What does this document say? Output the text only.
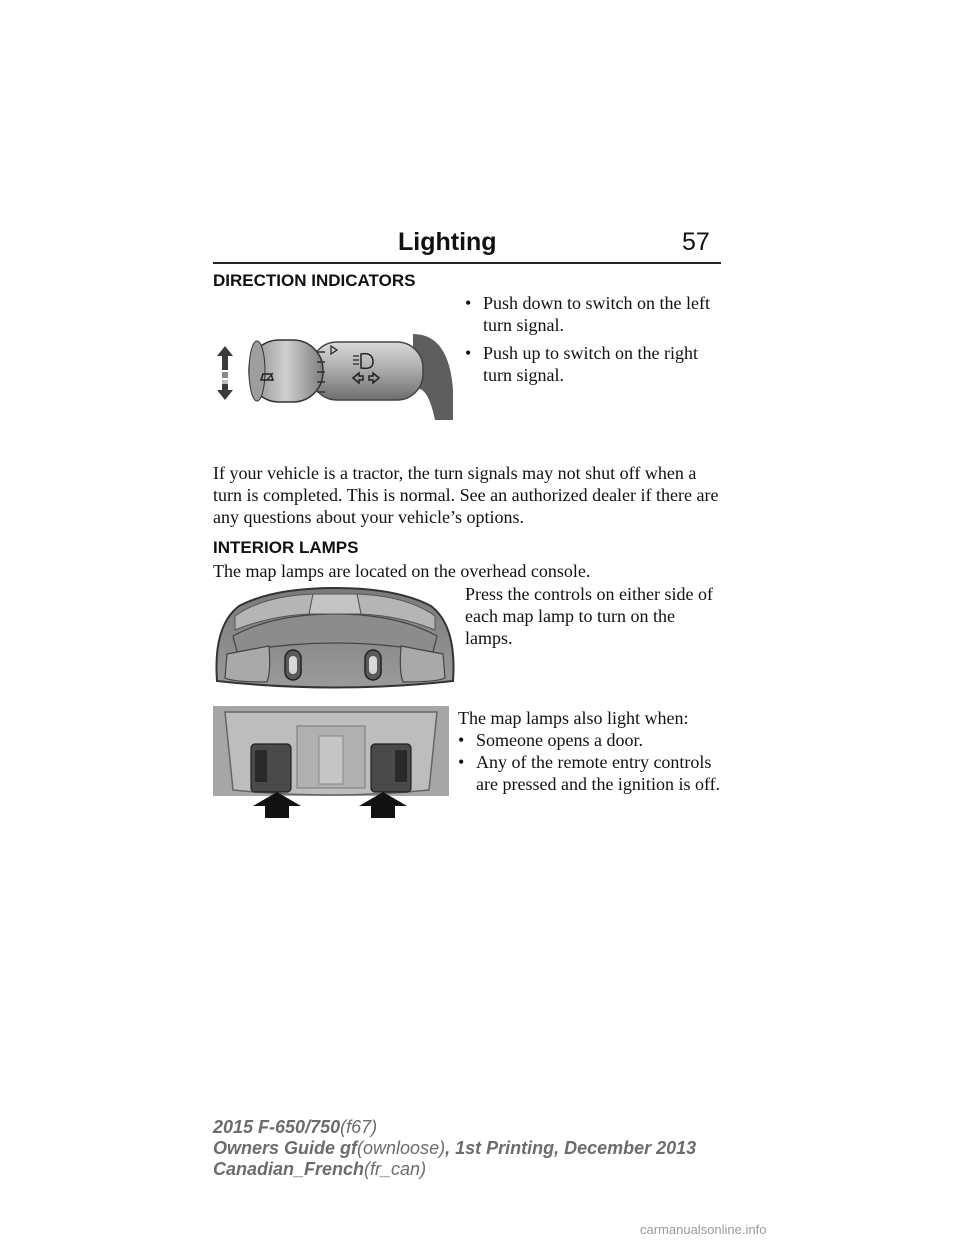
Lighting	57
DIRECTION INDICATORS
• Push down to switch on the left turn signal.
• Push up to switch on the right turn signal.

If your vehicle is a tractor, the turn signals may not shut off when a turn is completed. This is normal. See an authorized dealer if there are any questions about your vehicle’s options.

INTERIOR LAMPS

The map lamps are located on the overhead console.

Press the controls on either side of each map lamp to turn on the lamps.

The map lamps also light when:

• Someone opens a door.
• Any of the remote entry controls are pressed and the ignition is off.
2015 F-650/750(f67)
Owners Guide gf(ownloose), 1st Printing, December 2013
Canadian_French(fr_can)
carmanualsonline.info
